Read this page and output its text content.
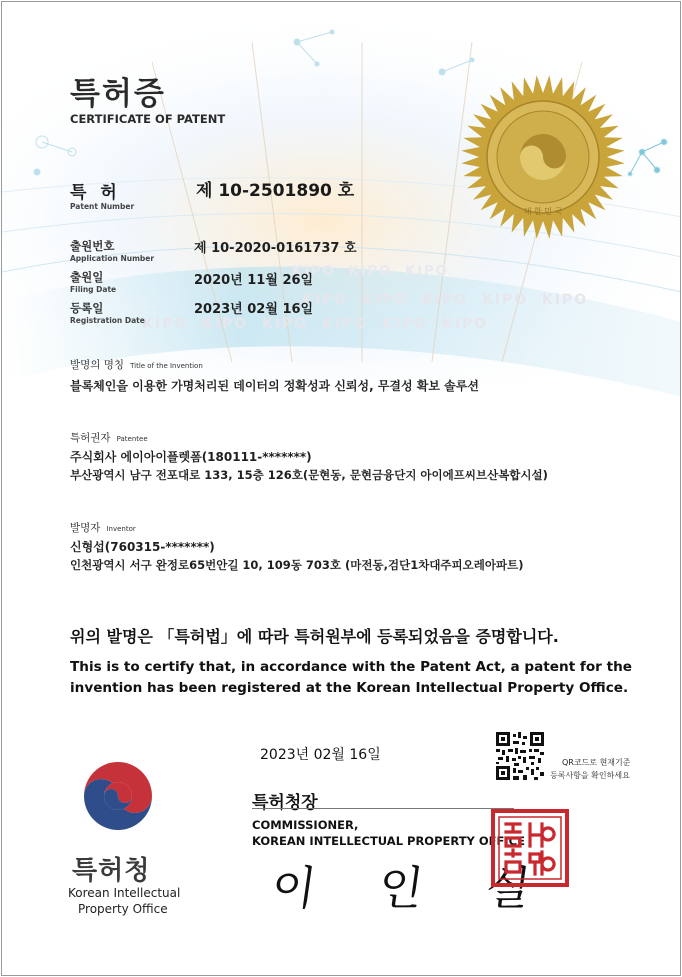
KIPO KIPO KIPO
KIPO KIPO KIPO KIPO KIPO
KIPO KIPO KIPO KIPO KIPO KIPO
대 한 민 국
특허증
CERTIFICATE OF PATENT
특 허
Patent Number
제 10-2501890 호
출원번호
Application Number
제 10-2020-0161737 호
출원일
Filing Date
2020년 11월 26일
등록일
Registration Date
2023년 02월 16일
발명의 명칭 Title of the Invention
블록체인을 이용한 가명처리된 데이터의 정확성과 신뢰성, 무결성 확보 솔루션
특허권자 Patentee
주식회사 에이아이플렛폼(180111-*******)
부산광역시 남구 전포대로 133, 15층 126호(문현동, 문현금융단지 아이에프씨브산복합시설)
발명자 Inventor
신형섭(760315-*******)
인천광역시 서구 완정로65번안길 10, 109동 703호 (마전동,검단1차대주피오레아파트)
위의 발명은 「특허법」에 따라 특허원부에 등록되었음을 증명합니다.
This is to certify that, in accordance with the Patent Act, a patent for the
invention has been registered at the Korean Intellectual Property Office.
2023년 02월 16일	QR코드로 현재기준
등록사항을 확인하세요
특허청장
COMMISSIONER,
KOREAN INTELLECTUAL PROPERTY OFFICE
이 인 실
특허청
Korean Intellectual
Property Office
